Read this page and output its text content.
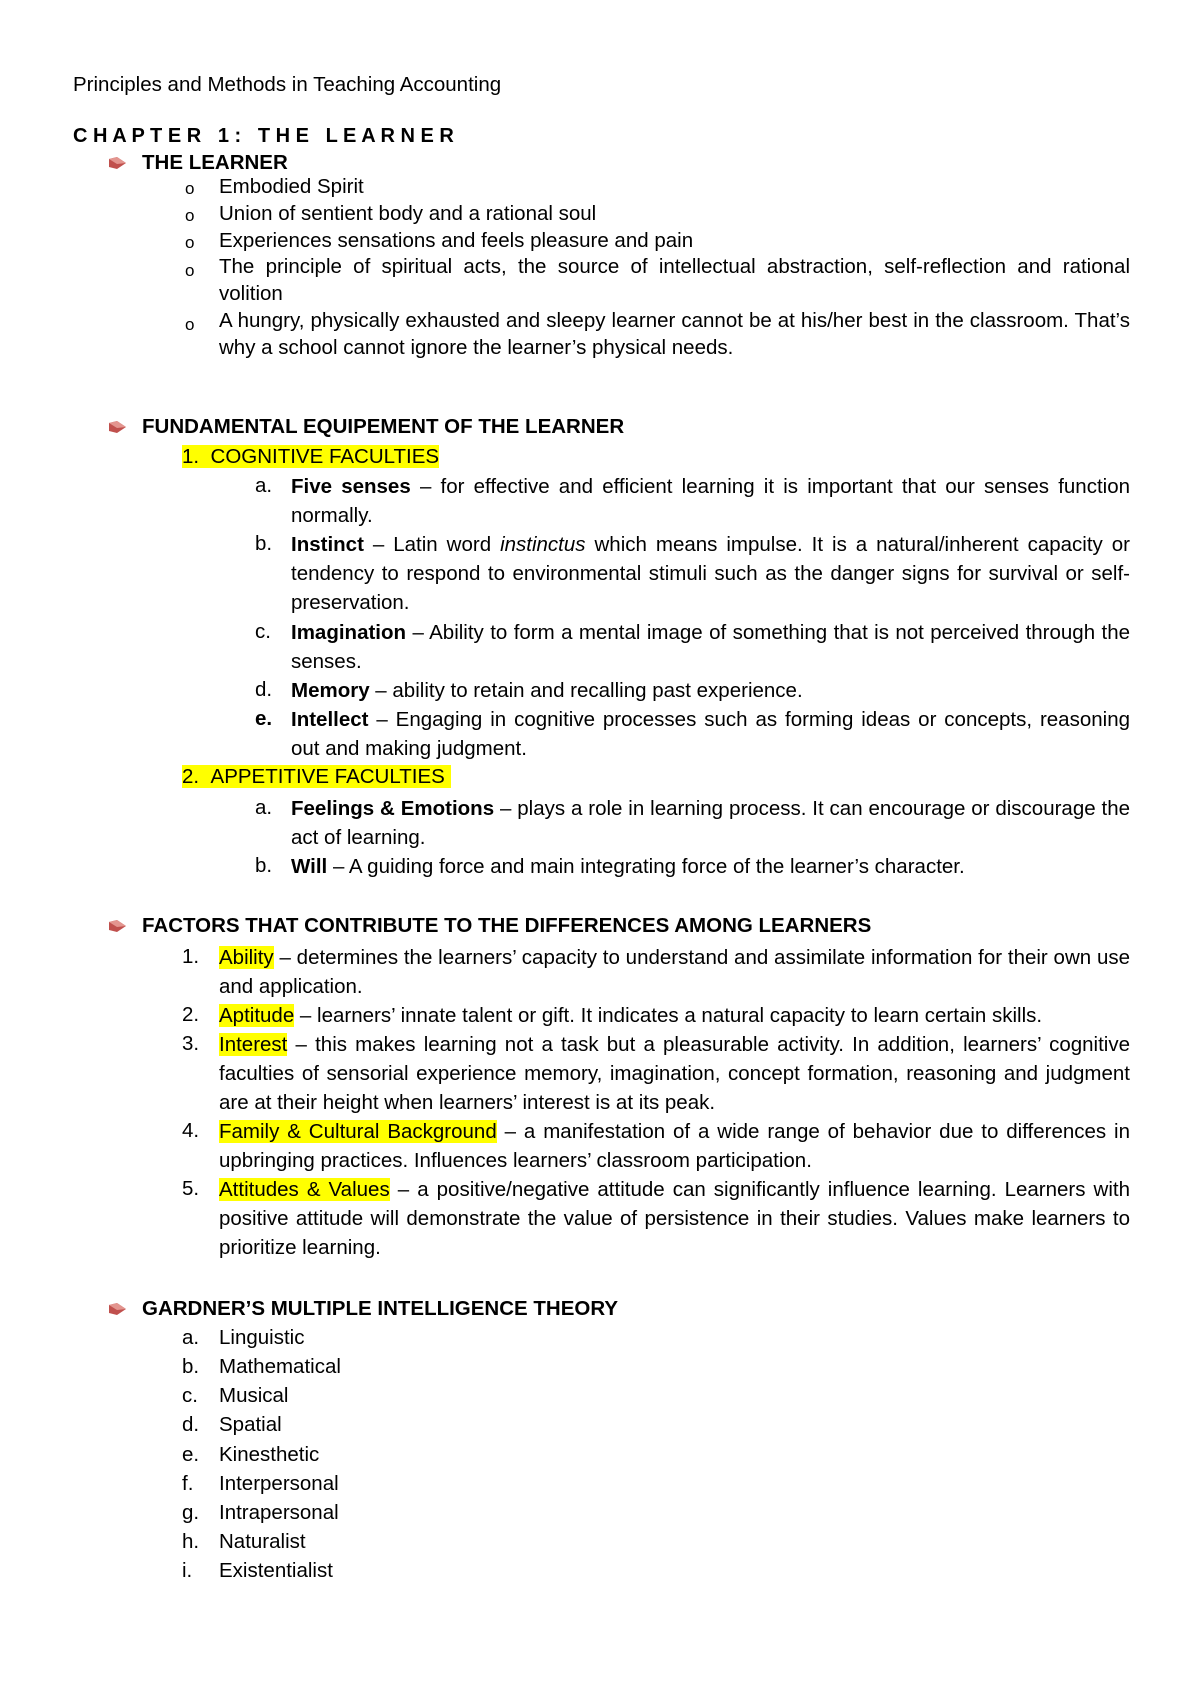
Principles and Methods in Teaching Accounting
C H A P T E R   1 :   T H E   L E A R N E R
THE LEARNER
o Embodied Spirit
o Union of sentient body and a rational soul
o Experiences sensations and feels pleasure and pain
o The principle of spiritual acts, the source of intellectual abstraction, self-reflection and rational volition
o A hungry, physically exhausted and sleepy learner cannot be at his/her best in the classroom. That’s why a school cannot ignore the learner’s physical needs.
FUNDAMENTAL EQUIPEMENT OF THE LEARNER
1. COGNITIVE FACULTIES
a. Five senses – for effective and efficient learning it is important that our senses function normally.
b. Instinct – Latin word instinctus which means impulse. It is a natural/inherent capacity or tendency to respond to environmental stimuli such as the danger signs for survival or self-preservation.
c. Imagination – Ability to form a mental image of something that is not perceived through the senses.
d. Memory – ability to retain and recalling past experience.
e. Intellect – Engaging in cognitive processes such as forming ideas or concepts, reasoning out and making judgment.
2. APPETITIVE FACULTIES
a. Feelings & Emotions – plays a role in learning process. It can encourage or discourage the act of learning.
b. Will – A guiding force and main integrating force of the learner’s character.
FACTORS THAT CONTRIBUTE TO THE DIFFERENCES AMONG LEARNERS
1. Ability – determines the learners’ capacity to understand and assimilate information for their own use and application.
2. Aptitude – learners’ innate talent or gift. It indicates a natural capacity to learn certain skills.
3. Interest – this makes learning not a task but a pleasurable activity. In addition, learners’ cognitive faculties of sensorial experience memory, imagination, concept formation, reasoning and judgment are at their height when learners’ interest is at its peak.
4. Family & Cultural Background – a manifestation of a wide range of behavior due to differences in upbringing practices. Influences learners’ classroom participation.
5. Attitudes & Values – a positive/negative attitude can significantly influence learning. Learners with positive attitude will demonstrate the value of persistence in their studies. Values make learners to prioritize learning.
GARDNER’S MULTIPLE INTELLIGENCE THEORY
a. Linguistic
b. Mathematical
c. Musical
d. Spatial
e. Kinesthetic
f. Interpersonal
g. Intrapersonal
h. Naturalist
i. Existentialist
